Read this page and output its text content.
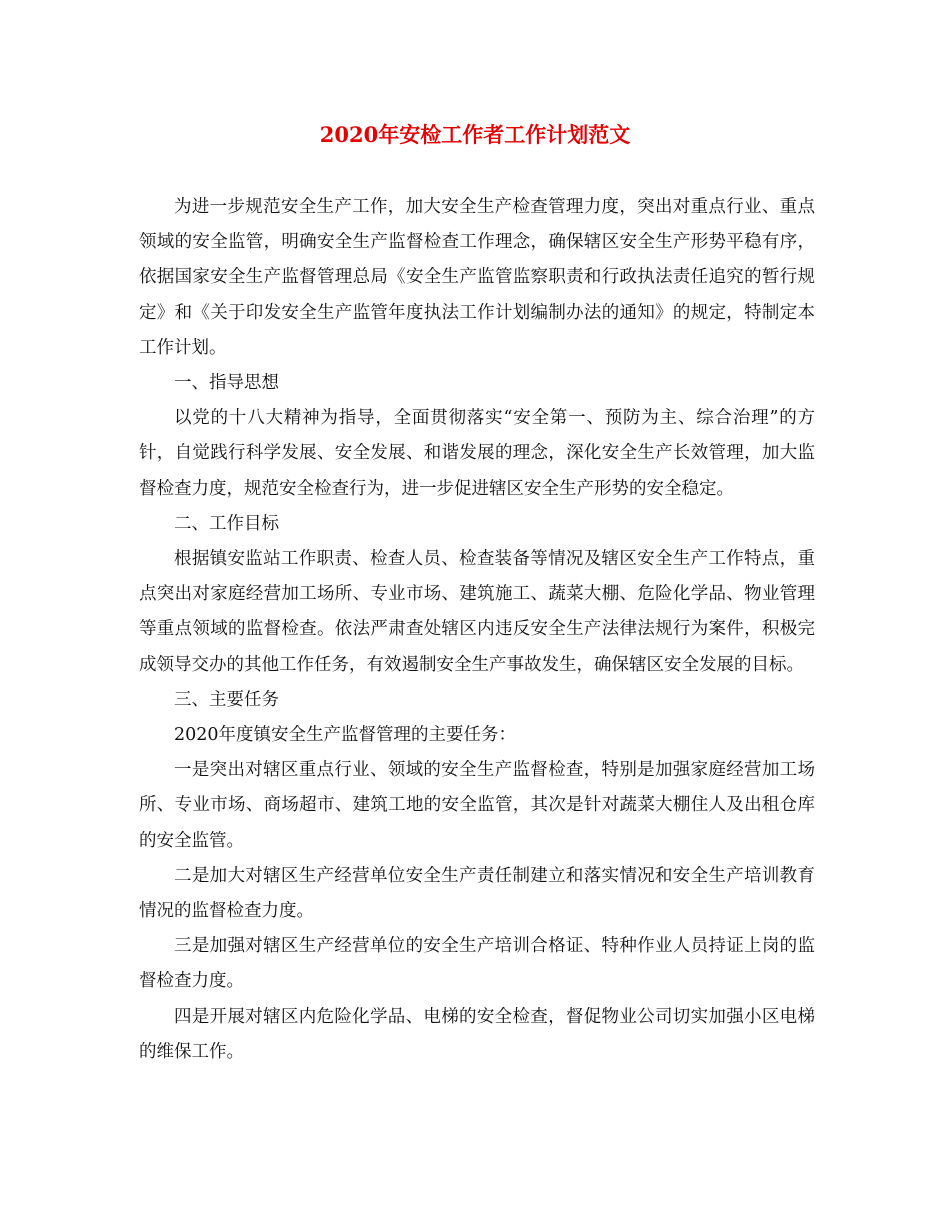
2020年安检工作者工作计划范文

为进一步规范安全生产工作，加大安全生产检查管理力度，突出对重点行业、重点领域的安全监管，明确安全生产监督检查工作理念，确保辖区安全生产形势平稳有序，依据国家安全生产监督管理总局《安全生产监管监察职责和行政执法责任追究的暂行规定》和《关于印发安全生产监管年度执法工作计划编制办法的通知》的规定，特制定本工作计划。

一、指导思想

以党的十八大精神为指导，全面贯彻落实“安全第一、预防为主、综合治理”的方针，自觉践行科学发展、安全发展、和谐发展的理念，深化安全生产长效管理，加大监督检查力度，规范安全检查行为，进一步促进辖区安全生产形势的安全稳定。

二、工作目标

根据镇安监站工作职责、检查人员、检查装备等情况及辖区安全生产工作特点，重点突出对家庭经营加工场所、专业市场、建筑施工、蔬菜大棚、危险化学品、物业管理等重点领域的监督检查。依法严肃查处辖区内违反安全生产法律法规行为案件，积极完成领导交办的其他工作任务，有效遏制安全生产事故发生，确保辖区安全发展的目标。

三、主要任务

2020年度镇安全生产监督管理的主要任务：

一是突出对辖区重点行业、领域的安全生产监督检查，特别是加强家庭经营加工场所、专业市场、商场超市、建筑工地的安全监管，其次是针对蔬菜大棚住人及出租仓库的安全监管。

二是加大对辖区生产经营单位安全生产责任制建立和落实情况和安全生产培训教育情况的监督检查力度。

三是加强对辖区生产经营单位的安全生产培训合格证、特种作业人员持证上岗的监督检查力度。

四是开展对辖区内危险化学品、电梯的安全检查，督促物业公司切实加强小区电梯的维保工作。
